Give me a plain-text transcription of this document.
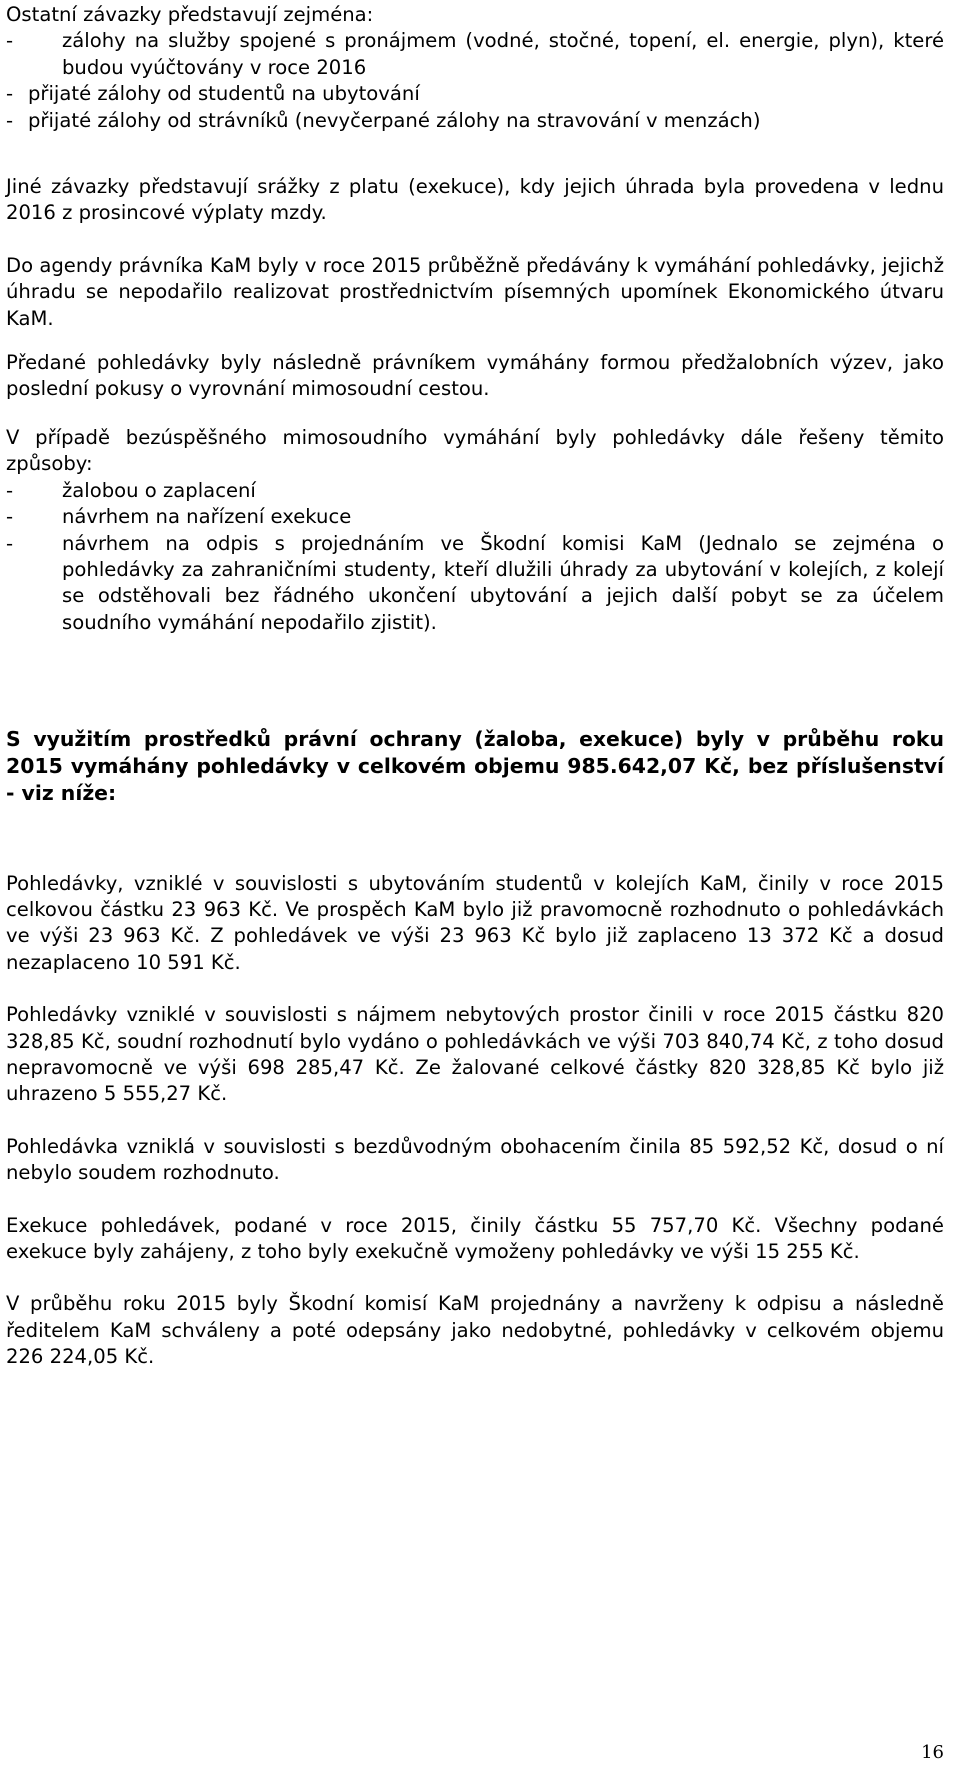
Ostatní závazky představují zejména:

- zálohy na služby spojené s pronájmem (vodné, stočné, topení, el. energie, plyn), které budou vyúčtovány v roce 2016
- přijaté zálohy od studentů na ubytování
- přijaté zálohy od strávníků (nevyčerpané zálohy na stravování v menzách)

Jiné závazky představují srážky z platu (exekuce), kdy jejich úhrada byla provedena v lednu 2016 z prosincové výplaty mzdy.

Do agendy právníka KaM byly v roce 2015 průběžně předávány k vymáhání pohledávky, jejichž úhradu se nepodařilo realizovat prostřednictvím písemných upomínek Ekonomického útvaru KaM.

Předané pohledávky byly následně právníkem vymáhány formou předžalobních výzev, jako poslední pokusy o vyrovnání mimosoudní cestou.

V případě bezúspěšného mimosoudního vymáhání byly pohledávky dále řešeny těmito způsoby:

- žalobou o zaplacení
- návrhem na nařízení exekuce
- návrhem na odpis s projednáním ve Škodní komisi KaM (Jednalo se zejména o pohledávky za zahraničními studenty, kteří dlužili úhrady za ubytování v kolejích, z kolejí se odstěhovali bez řádného ukončení ubytování a jejich další pobyt se za účelem soudního vymáhání nepodařilo zjistit).

S využitím prostředků právní ochrany (žaloba, exekuce) byly v průběhu roku 2015 vymáhány pohledávky v celkovém objemu 985.642,07 Kč, bez příslušenství - viz níže:

Pohledávky, vzniklé v souvislosti s ubytováním studentů v kolejích KaM, činily v roce 2015 celkovou částku 23 963 Kč. Ve prospěch KaM bylo již pravomocně rozhodnuto o pohledávkách ve výši 23 963 Kč. Z pohledávek ve výši 23 963 Kč bylo již zaplaceno 13 372 Kč a dosud nezaplaceno 10 591 Kč.

Pohledávky vzniklé v souvislosti s nájmem nebytových prostor činili v roce 2015 částku 820 328,85 Kč, soudní rozhodnutí bylo vydáno o pohledávkách ve výši 703 840,74 Kč, z toho dosud nepravomocně ve výši 698 285,47 Kč. Ze žalované celkové částky 820 328,85 Kč bylo již uhrazeno 5 555,27 Kč.

Pohledávka vzniklá v souvislosti s bezdůvodným obohacením činila 85 592,52 Kč, dosud o ní nebylo soudem rozhodnuto.

Exekuce pohledávek, podané v roce 2015, činily částku 55 757,70 Kč. Všechny podané exekuce byly zahájeny, z toho byly exekučně vymoženy pohledávky ve výši 15 255 Kč.

V průběhu roku 2015 byly Škodní komisí KaM projednány a navrženy k odpisu a následně ředitelem KaM schváleny a poté odepsány jako nedobytné, pohledávky v celkovém objemu 226 224,05 Kč.

16
